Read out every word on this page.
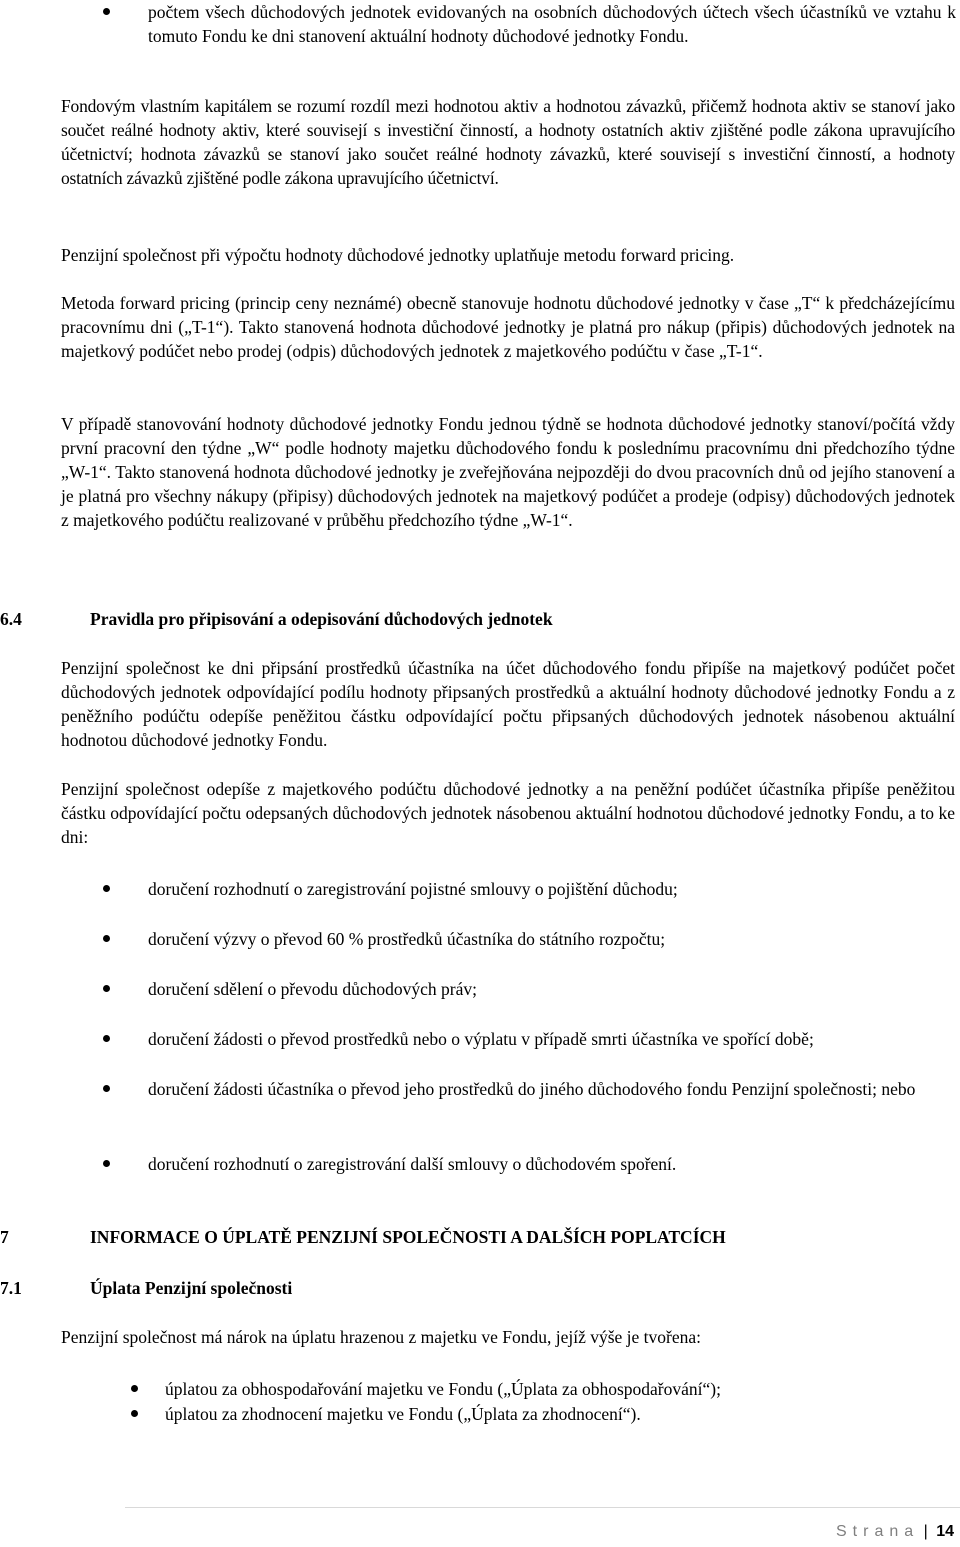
počtem všech důchodových jednotek evidovaných na osobních důchodových účtech všech účastníků ve vztahu k tomuto Fondu ke dni stanovení aktuální hodnoty důchodové jednotky Fondu.

Fondovým vlastním kapitálem se rozumí rozdíl mezi hodnotou aktiv a hodnotou závazků, přičemž hodnota aktiv se stanoví jako součet reálné hodnoty aktiv, které souvisejí s investiční činností, a hodnoty ostatních aktiv zjištěné podle zákona upravujícího účetnictví; hodnota závazků se stanoví jako součet reálné hodnoty závazků, které souvisejí s investiční činností, a hodnoty ostatních závazků zjištěné podle zákona upravujícího účetnictví.

Penzijní společnost při výpočtu hodnoty důchodové jednotky uplatňuje metodu forward pricing.

Metoda forward pricing (princip ceny neznámé) obecně stanovuje hodnotu důchodové jednotky v čase „T“ k předcházejícímu pracovnímu dni („T-1“). Takto stanovená hodnota důchodové jednotky je platná pro nákup (připis) důchodových jednotek na majetkový podúčet nebo prodej (odpis) důchodových jednotek z majetkového podúčtu v čase „T-1“.

V případě stanovování hodnoty důchodové jednotky Fondu jednou týdně se hodnota důchodové jednotky stanoví/počítá vždy první pracovní den týdne „W“ podle hodnoty majetku důchodového fondu k poslednímu pracovnímu dni předchozího týdne „W-1“. Takto stanovená hodnota důchodové jednotky je zveřejňována nejpozději do dvou pracovních dnů od jejího stanovení a je platná pro všechny nákupy (připisy) důchodových jednotek na majetkový podúčet a prodeje (odpisy) důchodových jednotek z majetkového podúčtu realizované v průběhu předchozího týdne „W-1“.

6.4	Pravidla pro připisování a odepisování důchodových jednotek

Penzijní společnost ke dni připsání prostředků účastníka na účet důchodového fondu připíše na majetkový podúčet počet důchodových jednotek odpovídající podílu hodnoty připsaných prostředků a aktuální hodnoty důchodové jednotky Fondu a z peněžního podúčtu odepíše peněžitou částku odpovídající počtu připsaných důchodových jednotek násobenou aktuální hodnotou důchodové jednotky Fondu.

Penzijní společnost odepíše z majetkového podúčtu důchodové jednotky a na peněžní podúčet účastníka připíše peněžitou částku odpovídající počtu odepsaných důchodových jednotek násobenou aktuální hodnotou důchodové jednotky Fondu, a to ke dni:

doručení rozhodnutí o zaregistrování pojistné smlouvy o pojištění důchodu;
doručení výzvy o převod 60 % prostředků účastníka do státního rozpočtu;
doručení sdělení o převodu důchodových práv;
doručení žádosti o převod prostředků nebo o výplatu v případě smrti účastníka ve spořící době;
doručení žádosti účastníka o převod jeho prostředků do jiného důchodového fondu Penzijní společnosti; nebo
doručení rozhodnutí o zaregistrování další smlouvy o důchodovém spoření.
7	INFORMACE O ÚPLATĚ PENZIJNÍ SPOLEČNOSTI A DALŠÍCH POPLATCÍCH
7.1	Úplata Penzijní společnosti

Penzijní společnost má nárok na úplatu hrazenou z majetku ve Fondu, jejíž výše je tvořena:

úplatou za obhospodařování majetku ve Fondu („Úplata za obhospodařování“);
úplatou za zhodnocení majetku ve Fondu („Úplata za zhodnocení“).
Strana | 14
